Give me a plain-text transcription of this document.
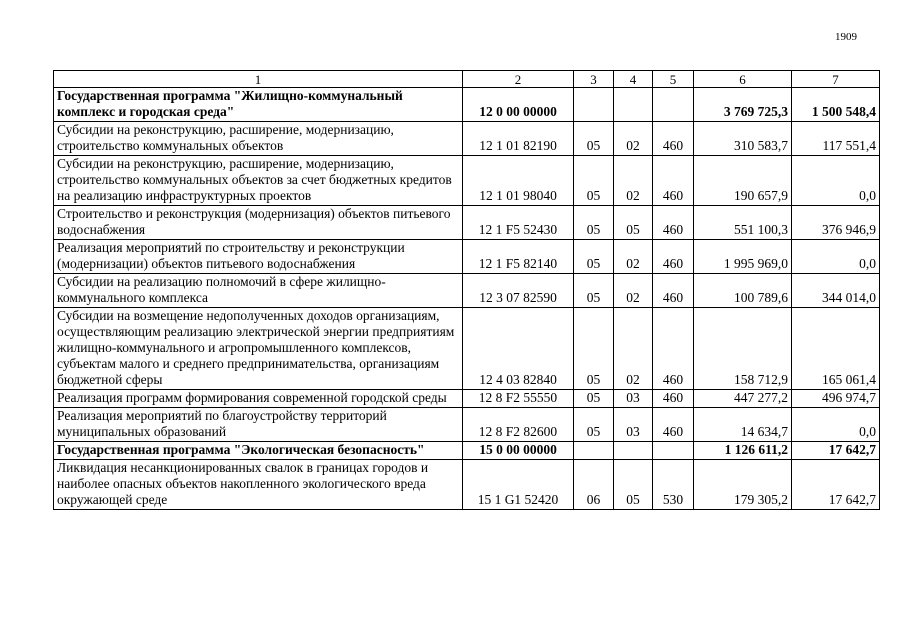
1909
1	2	3	4	5	6	7
Государственная программа "Жилищно-коммунальный комплекс и городская среда"	12 0 00 00000				3 769 725,3	1 500 548,4
Субсидии на реконструкцию, расширение, модернизацию, строительство коммунальных объектов	12 1 01 82190	05	02	460	310 583,7	117 551,4
Субсидии на реконструкцию, расширение, модернизацию, строительство коммунальных объектов за счет бюджетных кредитов на реализацию инфраструктурных проектов	12 1 01 98040	05	02	460	190 657,9	0,0
Строительство и реконструкция (модернизация) объектов питьевого водоснабжения	12 1 F5 52430	05	05	460	551 100,3	376 946,9
Реализация мероприятий по строительству и реконструкции (модернизации) объектов питьевого водоснабжения	12 1 F5 82140	05	02	460	1 995 969,0	0,0
Субсидии на реализацию полномочий в сфере жилищно-коммунального комплекса	12 3 07 82590	05	02	460	100 789,6	344 014,0
Субсидии на возмещение недополученных доходов организациям, осуществляющим реализацию электрической энергии предприятиям жилищно-коммунального и агропромышленного комплексов, субъектам малого и среднего предпринимательства, организациям бюджетной сферы	12 4 03 82840	05	02	460	158 712,9	165 061,4
Реализация программ формирования современной городской среды	12 8 F2 55550	05	03	460	447 277,2	496 974,7
Реализация мероприятий по благоустройству территорий муниципальных образований	12 8 F2 82600	05	03	460	14 634,7	0,0
Государственная программа "Экологическая безопасность"	15 0 00 00000				1 126 611,2	17 642,7
Ликвидация несанкционированных свалок в границах городов и наиболее опасных объектов накопленного экологического вреда окружающей среде	15 1 G1 52420	06	05	530	179 305,2	17 642,7
